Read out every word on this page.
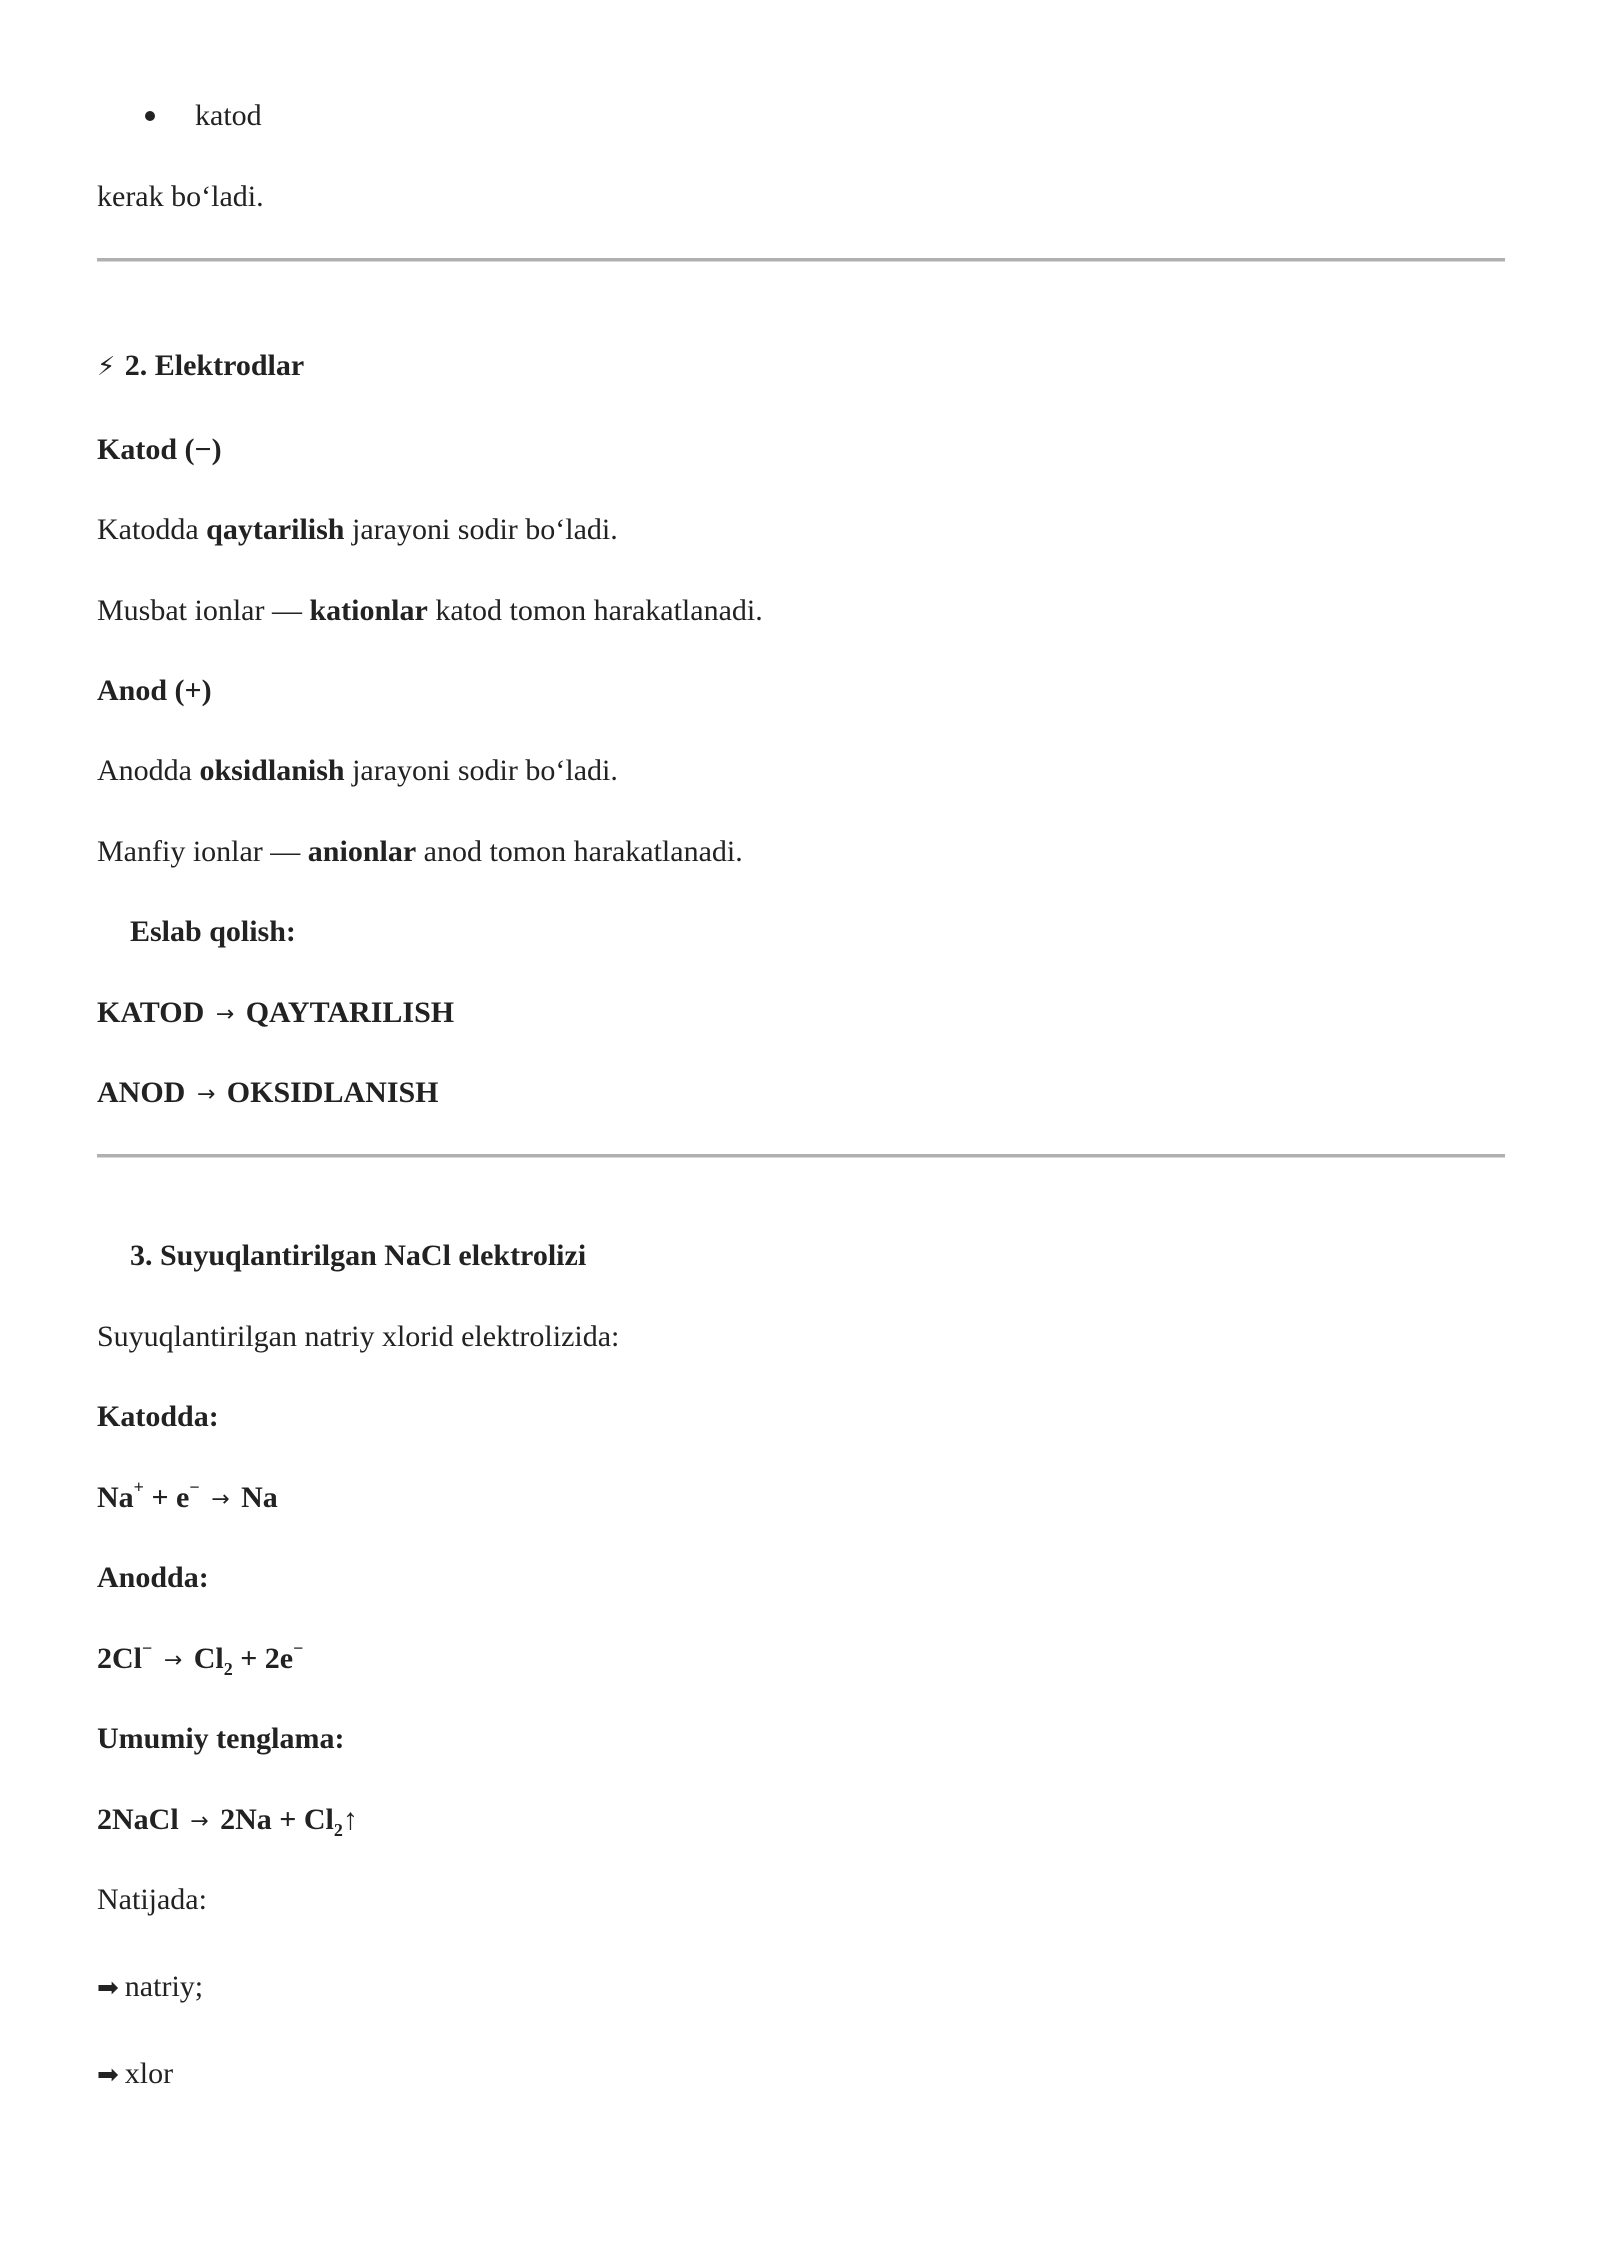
katod
kerak bo‘ladi.
⚡ 2. Elektrodlar
Katod (−)
Katodda qaytarilish jarayoni sodir bo‘ladi.
Musbat ionlar — kationlar katod tomon harakatlanadi.
Anod (+)
Anodda oksidlanish jarayoni sodir bo‘ladi.
Manfiy ionlar — anionlar anod tomon harakatlanadi.
Eslab qolish:
KATOD → QAYTARILISH
ANOD → OKSIDLANISH
3. Suyuqlantirilgan NaCl elektrolizi
Suyuqlantirilgan natriy xlorid elektrolizida:
Katodda:
Na+ + e− → Na
Anodda:
$2Cl^- \to Cl_2 + 2e^-$
Umumiy tenglama:
2NaCl → $2Na + Cl_2↑$
Natijada:
➡ natriy;
➡ xlor
